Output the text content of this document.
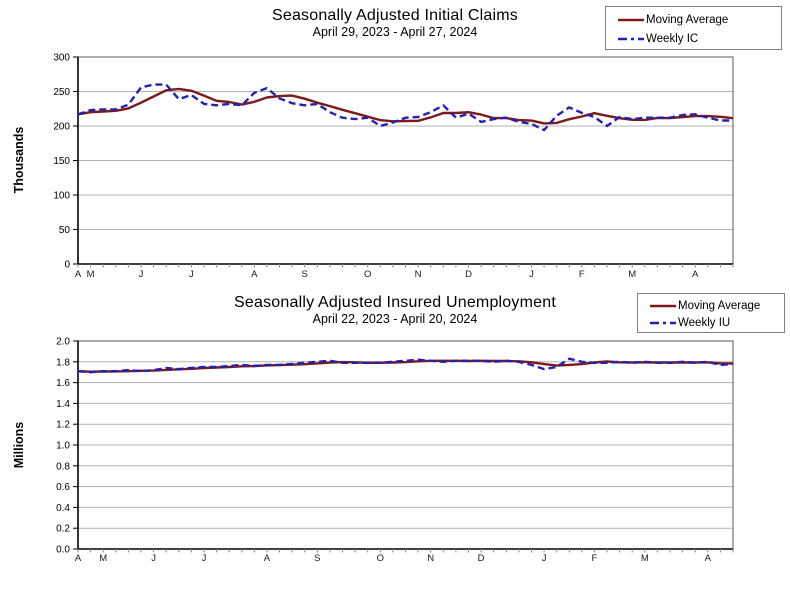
0
50
100
150
200
250
300
A M	J	J	A	S	O	N	D	J	F	M	A
Seasonally Adjusted Initial Claims
April 29, 2023 - April 27, 2024
Thousands
Moving Average
Weekly IC
0.0
0.2
0.4
0.6
0.8
1.0
1.2
1.4
1.6
1.8
2.0
A M	J	J	A	S	O	N	D	J	F	M	A
Seasonally Adjusted Insured Unemployment
April 22, 2023 - April 20, 2024
Millions
Moving Average
Weekly IU
